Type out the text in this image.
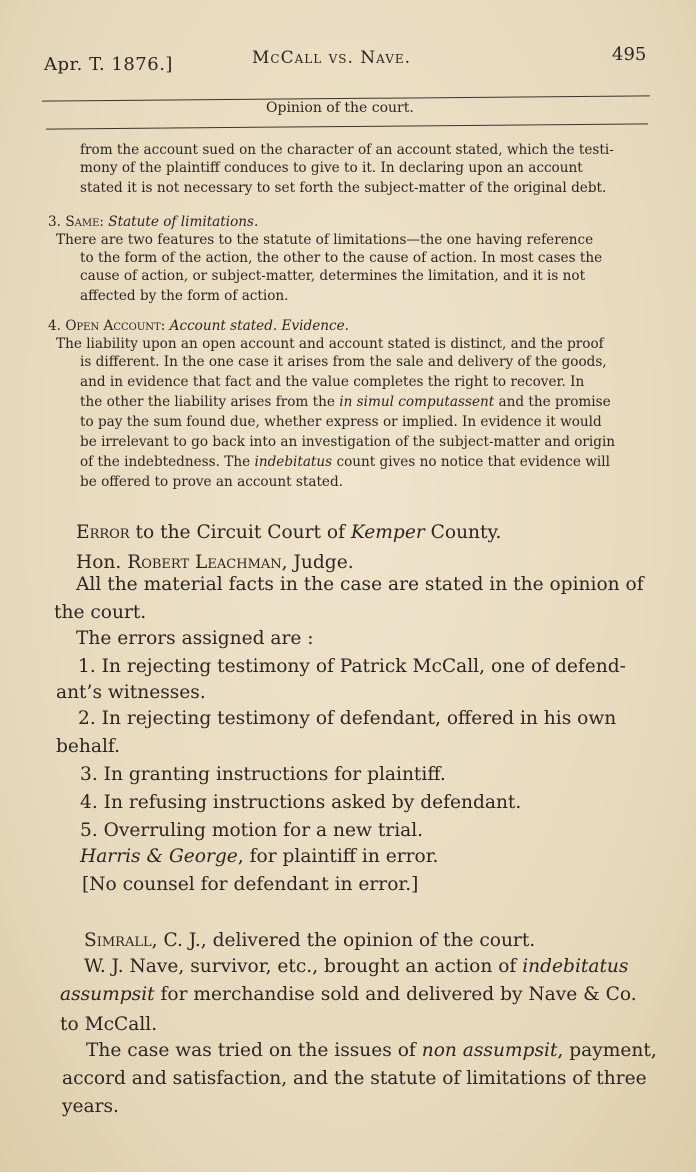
Apr. T. 1876.]	McCall vs. Nave.	495
Opinion of the court.
from the account sued on the character of an account stated, which the testi-
mony of the plaintiff conduces to give to it. In declaring upon an account
stated it is not necessary to set forth the subject-matter of the original debt.
3. Same: Statute of limitations.
There are two features to the statute of limitations—the one having reference
to the form of the action, the other to the cause of action. In most cases the
cause of action, or subject-matter, determines the limitation, and it is not
affected by the form of action.
4. Open Account: Account stated. Evidence.
The liability upon an open account and account stated is distinct, and the proof
is different. In the one case it arises from the sale and delivery of the goods,
and in evidence that fact and the value completes the right to recover. In
the other the liability arises from the in simul computassent and the promise
to pay the sum found due, whether express or implied. In evidence it would
be irrelevant to go back into an investigation of the subject-matter and origin
of the indebtedness. The indebitatus count gives no notice that evidence will
be offered to prove an account stated.
Error to the Circuit Court of Kemper County.
Hon. Robert Leachman, Judge.
All the material facts in the case are stated in the opinion of
the court.
The errors assigned are :
1. In rejecting testimony of Patrick McCall, one of defend-
ant’s witnesses.
2. In rejecting testimony of defendant, offered in his own
behalf.
3. In granting instructions for plaintiff.
4. In refusing instructions asked by defendant.
5. Overruling motion for a new trial.
Harris & George, for plaintiff in error.
[No counsel for defendant in error.]
Simrall, C. J., delivered the opinion of the court.
W. J. Nave, survivor, etc., brought an action of indebitatus
assumpsit for merchandise sold and delivered by Nave & Co.
to McCall.
The case was tried on the issues of non assumpsit, payment,
accord and satisfaction, and the statute of limitations of three
years.
